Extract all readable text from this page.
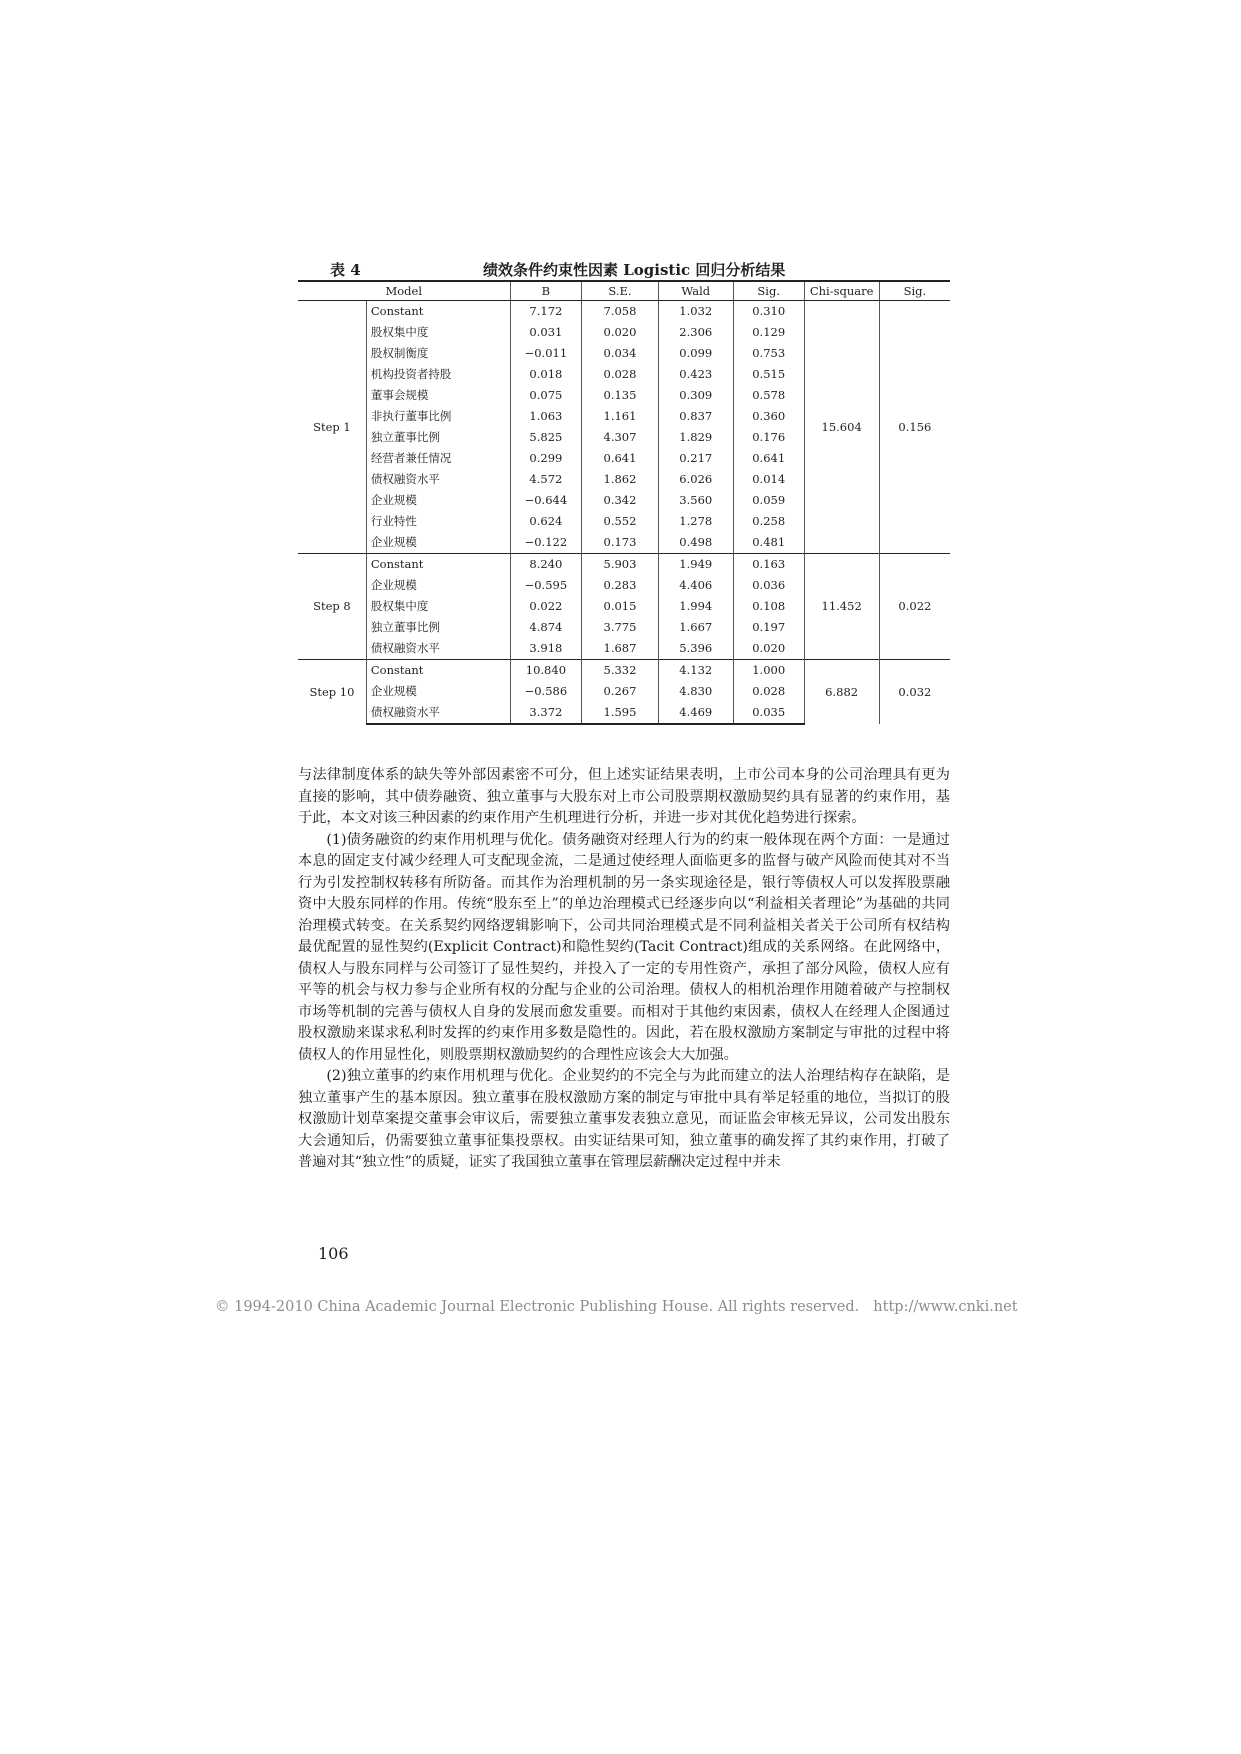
表 4	绩效条件约束性因素 Logistic 回归分析结果
Model		B	S.E.	Wald	Sig.	Chi-square	Sig.
Step 1	Constant	7.172	7.058	1.032	0.310	15.604	0.156
	股权集中度	0.031	0.020	2.306	0.129		
	股权制衡度	−0.011	0.034	0.099	0.753		
	机构投资者持股	0.018	0.028	0.423	0.515		
	董事会规模	0.075	0.135	0.309	0.578		
	非执行董事比例	1.063	1.161	0.837	0.360		
	独立董事比例	5.825	4.307	1.829	0.176		
	经营者兼任情况	0.299	0.641	0.217	0.641		
	债权融资水平	4.572	1.862	6.026	0.014		
	企业规模	−0.644	0.342	3.560	0.059		
	行业特性	0.624	0.552	1.278	0.258		
	企业规模	−0.122	0.173	0.498	0.481		
Step 8	Constant	8.240	5.903	1.949	0.163	11.452	0.022
	企业规模	−0.595	0.283	4.406	0.036		
	股权集中度	0.022	0.015	1.994	0.108		
	独立董事比例	4.874	3.775	1.667	0.197		
	债权融资水平	3.918	1.687	5.396	0.020		
Step 10	Constant	10.840	5.332	4.132	1.000	6.882	0.032
	企业规模	−0.586	0.267	4.830	0.028		
	债权融资水平	3.372	1.595	4.469	0.035		

与法律制度体系的缺失等外部因素密不可分，但上述实证结果表明，上市公司本身的公司治理具有更为直接的影响，其中债券融资、独立董事与大股东对上市公司股票期权激励契约具有显著的约束作用，基于此，本文对该三种因素的约束作用产生机理进行分析，并进一步对其优化趋势进行探索。

(1)债务融资的约束作用机理与优化。债务融资对经理人行为的约束一般体现在两个方面：一是通过本息的固定支付减少经理人可支配现金流，二是通过使经理人面临更多的监督与破产风险而使其对不当行为引发控制权转移有所防备。而其作为治理机制的另一条实现途径是，银行等债权人可以发挥股票融资中大股东同样的作用。传统“股东至上”的单边治理模式已经逐步向以“利益相关者理论”为基础的共同治理模式转变。在关系契约网络逻辑影响下，公司共同治理模式是不同利益相关者关于公司所有权结构最优配置的显性契约(Explicit Contract)和隐性契约(Tacit Contract)组成的关系网络。在此网络中，债权人与股东同样与公司签订了显性契约，并投入了一定的专用性资产，承担了部分风险，债权人应有平等的机会与权力参与企业所有权的分配与企业的公司治理。债权人的相机治理作用随着破产与控制权市场等机制的完善与债权人自身的发展而愈发重要。而相对于其他约束因素，债权人在经理人企图通过股权激励来谋求私利时发挥的约束作用多数是隐性的。因此，若在股权激励方案制定与审批的过程中将债权人的作用显性化，则股票期权激励契约的合理性应该会大大加强。

(2)独立董事的约束作用机理与优化。企业契约的不完全与为此而建立的法人治理结构存在缺陷，是独立董事产生的基本原因。独立董事在股权激励方案的制定与审批中具有举足轻重的地位，当拟订的股权激励计划草案提交董事会审议后，需要独立董事发表独立意见，而证监会审核无异议，公司发出股东大会通知后，仍需要独立董事征集投票权。由实证结果可知，独立董事的确发挥了其约束作用，打破了普遍对其“独立性”的质疑，证实了我国独立董事在管理层薪酬决定过程中并未

106
© 1994-2010 China Academic Journal Electronic Publishing House. All rights reserved. http://www.cnki.net
